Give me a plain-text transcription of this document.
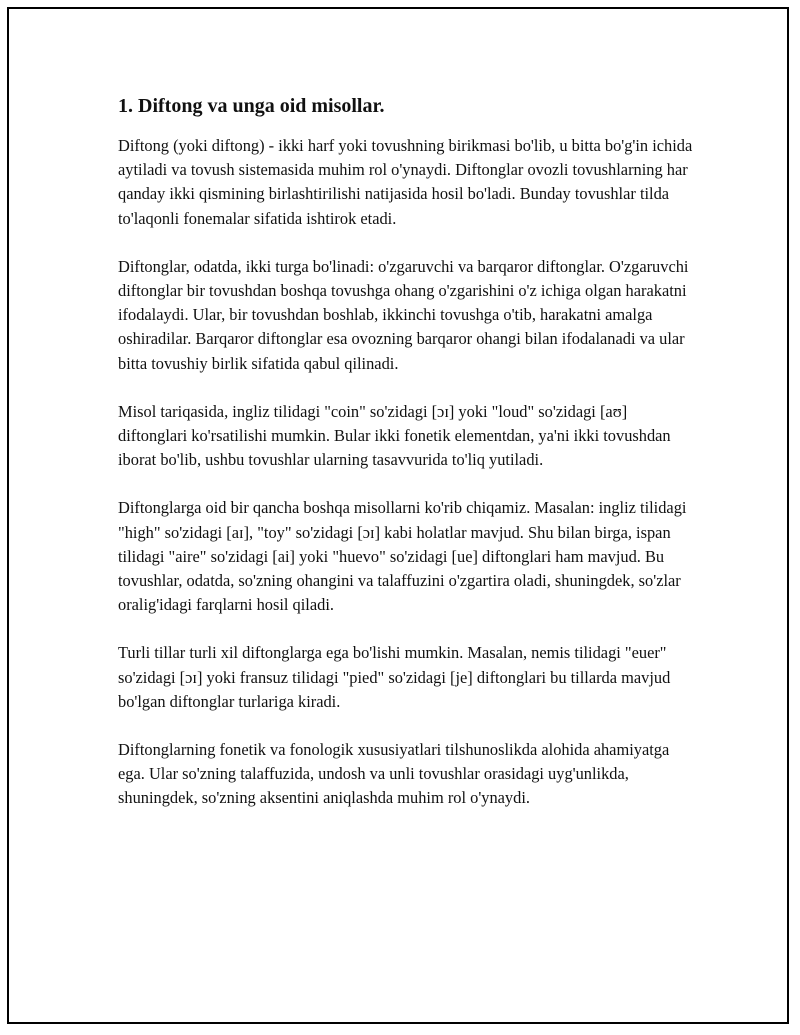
1. Diftong va unga oid misollar.

Diftong (yoki diftong) - ikki harf yoki tovushning birikmasi bo'lib, u bitta bo'g'in ichida aytiladi va tovush sistemasida muhim rol o'ynaydi. Diftonglar ovozli tovushlarning har qanday ikki qismining birlashtirilishi natijasida hosil bo'ladi. Bunday tovushlar tilda to'laqonli fonemalar sifatida ishtirok etadi.

Diftonglar, odatda, ikki turga bo'linadi: o'zgaruvchi va barqaror diftonglar. O'zgaruvchi diftonglar bir tovushdan boshqa tovushga ohang o'zgarishini o'z ichiga olgan harakatni ifodalaydi. Ular, bir tovushdan boshlab, ikkinchi tovushga o'tib, harakatni amalga oshiradilar. Barqaror diftonglar esa ovozning barqaror ohangi bilan ifodalanadi va ular bitta tovushiy birlik sifatida qabul qilinadi.

Misol tariqasida, ingliz tilidagi "coin" so'zidagi [ɔɪ] yoki "loud" so'zidagi [aʊ] diftonglari ko'rsatilishi mumkin. Bular ikki fonetik elementdan, ya'ni ikki tovushdan iborat bo'lib, ushbu tovushlar ularning tasavvurida to'liq yutiladi.

Diftonglarga oid bir qancha boshqa misollarni ko'rib chiqamiz. Masalan: ingliz tilidagi "high" so'zidagi [aɪ], "toy" so'zidagi [ɔɪ] kabi holatlar mavjud. Shu bilan birga, ispan tilidagi "aire" so'zidagi [ai] yoki "huevo" so'zidagi [ue] diftonglari ham mavjud. Bu tovushlar, odatda, so'zning ohangini va talaffuzini o'zgartira oladi, shuningdek, so'zlar oralig'idagi farqlarni hosil qiladi.

Turli tillar turli xil diftonglarga ega bo'lishi mumkin. Masalan, nemis tilidagi "euer" so'zidagi [ɔɪ] yoki fransuz tilidagi "pied" so'zidagi [je] diftonglari bu tillarda mavjud bo'lgan diftonglar turlariga kiradi.

Diftonglarning fonetik va fonologik xususiyatlari tilshunoslikda alohida ahamiyatga ega. Ular so'zning talaffuzida, undosh va unli tovushlar orasidagi uyg'unlikda, shuningdek, so'zning aksentini aniqlashda muhim rol o'ynaydi.
